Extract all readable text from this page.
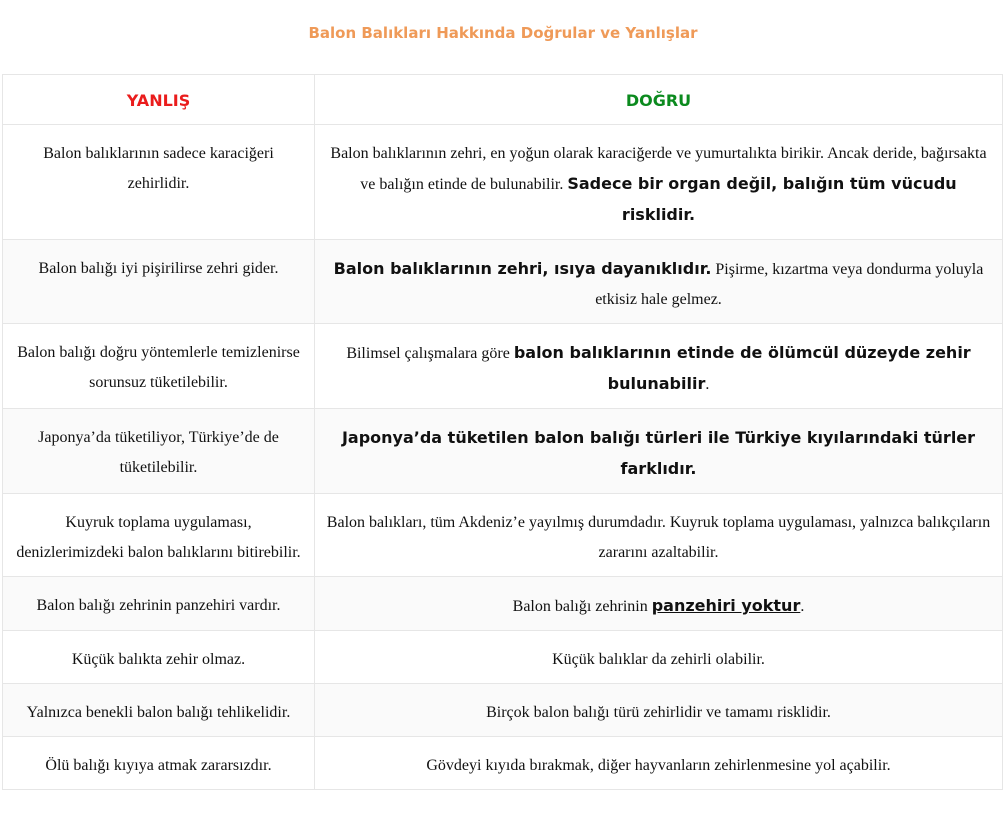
Balon Balıkları Hakkında Doğrular ve Yanlışlar
YANLIŞ	DOĞRU
Balon balıklarının sadece karaciğeri zehirlidir.	Balon balıklarının zehri, en yoğun olarak karaciğerde ve yumurtalıkta birikir. Ancak deride, bağırsakta ve balığın etinde de bulunabilir. Sadece bir organ değil, balığın tüm vücudu risklidir.
Balon balığı iyi pişirilirse zehri gider.	Balon balıklarının zehri, ısıya dayanıklıdır. Pişirme, kızartma veya dondurma yoluyla etkisiz hale gelmez.
Balon balığı doğru yöntemlerle temizlenirse sorunsuz tüketilebilir.	Bilimsel çalışmalara göre balon balıklarının etinde de ölümcül düzeyde zehir bulunabilir.
Japonya’da tüketiliyor, Türkiye’de de tüketilebilir.	Japonya’da tüketilen balon balığı türleri ile Türkiye kıyılarındaki türler farklıdır.
Kuyruk toplama uygulaması, denizlerimizdeki balon balıklarını bitirebilir.	Balon balıkları, tüm Akdeniz’e yayılmış durumdadır. Kuyruk toplama uygulaması, yalnızca balıkçıların zararını azaltabilir.
Balon balığı zehrinin panzehiri vardır.	Balon balığı zehrinin panzehiri yoktur.
Küçük balıkta zehir olmaz.	Küçük balıklar da zehirli olabilir.
Yalnızca benekli balon balığı tehlikelidir.	Birçok balon balığı türü zehirlidir ve tamamı risklidir.
Ölü balığı kıyıya atmak zararsızdır.	Gövdeyi kıyıda bırakmak, diğer hayvanların zehirlenmesine yol açabilir.
